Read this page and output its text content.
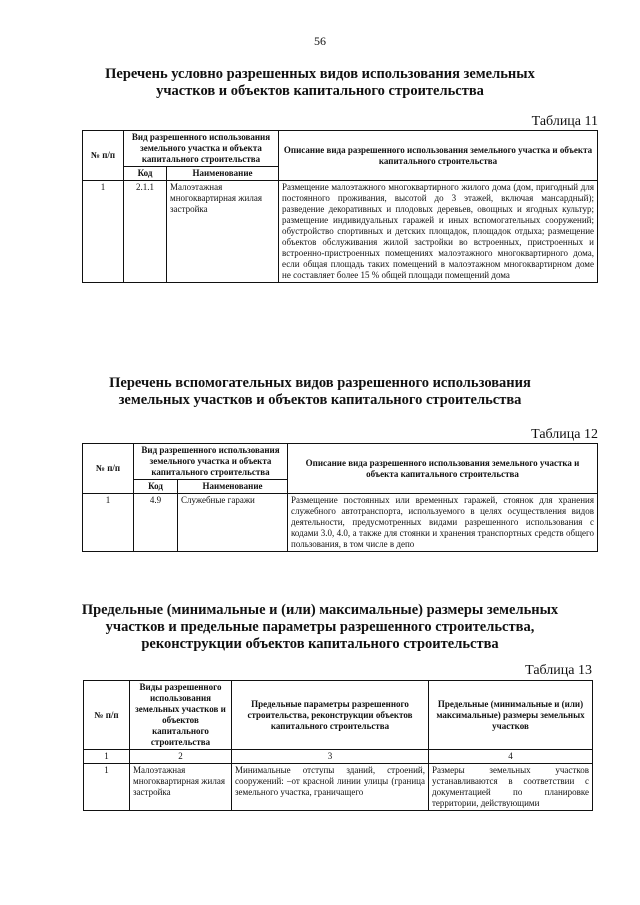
56
Перечень условно разрешенных видов использования земельных
участков и объектов капитального строительства
Таблица 11
№ п/п	Вид разрешенного использования земельного участка и объекта капитального строительства		Описание вида разрешенного использования земельного участка и объекта капитального строительства
	Код	Наименование	
1	2.1.1	Малоэтажная многоквартирная жилая застройка	Размещение малоэтажного многоквартирного жилого дома (дом, пригодный для постоянного проживания, высотой до 3 этажей, включая мансардный); разведение декоративных и плодовых деревьев, овощных и ягодных культур; размещение индивидуальных гаражей и иных вспомогательных сооружений; обустройство спортивных и детских площадок, площадок отдыха; размещение объектов обслуживания жилой застройки во встроенных, пристроенных и встроенно-пристроенных помещениях малоэтажного многоквартирного дома, если общая площадь таких помещений в малоэтажном многоквартирном доме не составляет более 15 % общей площади помещений дома
Перечень вспомогательных видов разрешенного использования
земельных участков и объектов капитального строительства
Таблица 12
№ п/п	Вид разрешенного использования земельного участка и объекта капитального строительства		Описание вида разрешенного использования земельного участка и объекта капитального строительства
	Код	Наименование	
1	4.9	Служебные гаражи	Размещение постоянных или временных гаражей, стоянок для хранения служебного автотранспорта, используемого в целях осуществления видов деятельности, предусмотренных видами разрешенного использования с кодами 3.0, 4.0, а также для стоянки и хранения транспортных средств общего пользования, в том числе в депо
Предельные (минимальные и (или) максимальные) размеры земельных
участков и предельные параметры разрешенного строительства,
реконструкции объектов капитального строительства
Таблица 13
№ п/п	Виды разрешенного использования земельных участков и объектов капитального строительства	Предельные параметры разрешенного строительства, реконструкции объектов капитального строительства	Предельные (минимальные и (или) максимальные) размеры земельных участков
1	2	3	4
1	Малоэтажная многоквартирная жилая застройка	Минимальные отступы зданий, строений, сооружений: –от красной линии улицы (граница земельного участка, граничащего	Размеры земельных участков устанавливаются в соответствии с документацией по планировке территории, действующими
